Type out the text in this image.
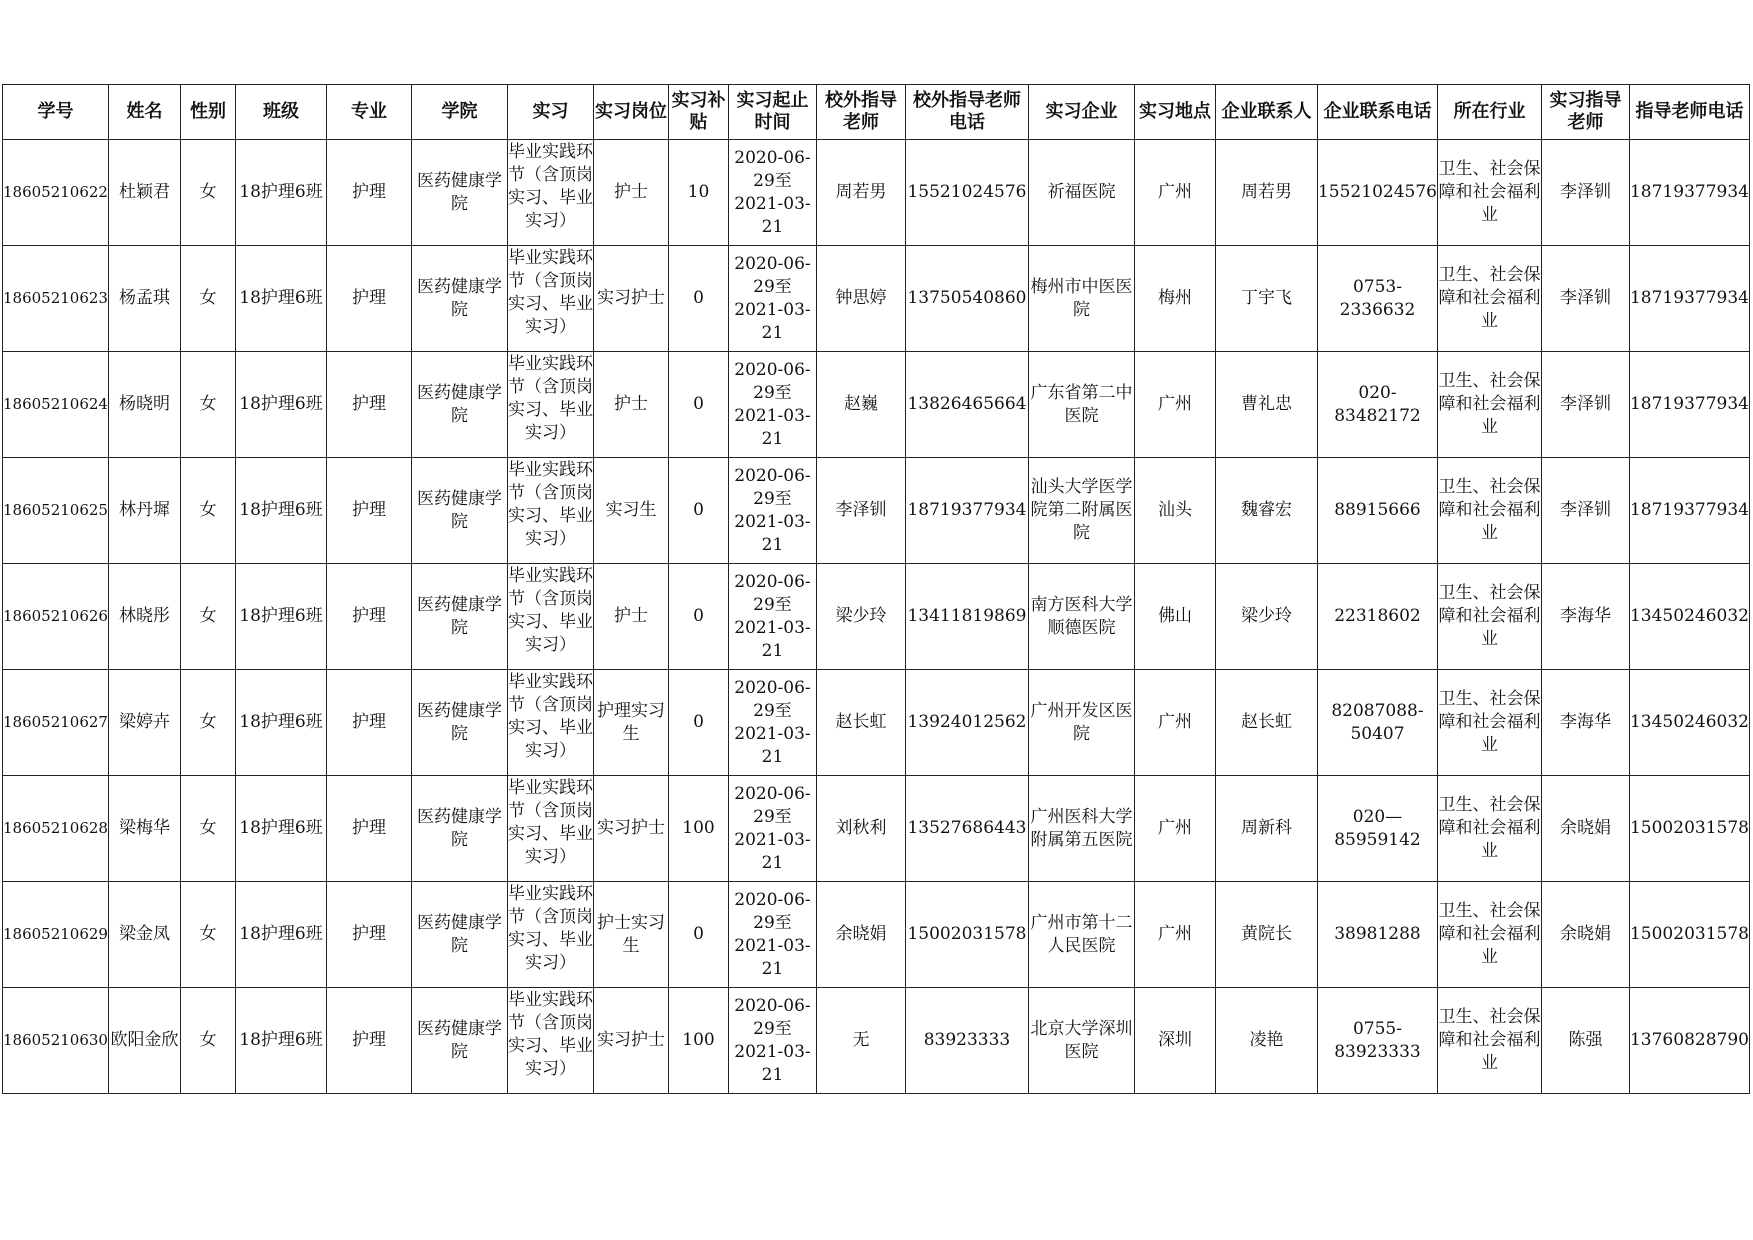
学号	姓名	性别	班级	专业	学院	实习	实习岗位	实习补贴	实习起止时间	校外指导老师	校外指导老师电话	实习企业	实习地点	企业联系人	企业联系电话	所在行业	实习指导老师	指导老师电话
18605210622	杜颖君	女	18护理6班	护理	医药健康学院	毕业实践环节（含顶岗实习、毕业实习）	护士	10	2020-06-29至2021-03-21	周若男	15521024576	祈福医院	广州	周若男	15521024576	卫生、社会保障和社会福利业	李泽钏	18719377934
18605210623	杨孟琪	女	18护理6班	护理	医药健康学院	毕业实践环节（含顶岗实习、毕业实习）	实习护士	0	2020-06-29至2021-03-21	钟思婷	13750540860	梅州市中医医院	梅州	丁宇飞	0753-2336632	卫生、社会保障和社会福利业	李泽钏	18719377934
18605210624	杨晓明	女	18护理6班	护理	医药健康学院	毕业实践环节（含顶岗实习、毕业实习）	护士	0	2020-06-29至2021-03-21	赵巍	13826465664	广东省第二中医院	广州	曹礼忠	020-83482172	卫生、社会保障和社会福利业	李泽钏	18719377934
18605210625	林丹墀	女	18护理6班	护理	医药健康学院	毕业实践环节（含顶岗实习、毕业实习）	实习生	0	2020-06-29至2021-03-21	李泽钏	18719377934	汕头大学医学院第二附属医院	汕头	魏睿宏	88915666	卫生、社会保障和社会福利业	李泽钏	18719377934
18605210626	林晓彤	女	18护理6班	护理	医药健康学院	毕业实践环节（含顶岗实习、毕业实习）	护士	0	2020-06-29至2021-03-21	梁少玲	13411819869	南方医科大学顺德医院	佛山	梁少玲	22318602	卫生、社会保障和社会福利业	李海华	13450246032
18605210627	梁婷卉	女	18护理6班	护理	医药健康学院	毕业实践环节（含顶岗实习、毕业实习）	护理实习生	0	2020-06-29至2021-03-21	赵长虹	13924012562	广州开发区医院	广州	赵长虹	82087088-50407	卫生、社会保障和社会福利业	李海华	13450246032
18605210628	梁梅华	女	18护理6班	护理	医药健康学院	毕业实践环节（含顶岗实习、毕业实习）	实习护士	100	2020-06-29至2021-03-21	刘秋利	13527686443	广州医科大学附属第五医院	广州	周新科	020—85959142	卫生、社会保障和社会福利业	余晓娟	15002031578
18605210629	梁金凤	女	18护理6班	护理	医药健康学院	毕业实践环节（含顶岗实习、毕业实习）	护士实习生	0	2020-06-29至2021-03-21	余晓娟	15002031578	广州市第十二人民医院	广州	黄院长	38981288	卫生、社会保障和社会福利业	余晓娟	15002031578
18605210630	欧阳金欣	女	18护理6班	护理	医药健康学院	毕业实践环节（含顶岗实习、毕业实习）	实习护士	100	2020-06-29至2021-03-21	无	83923333	北京大学深圳医院	深圳	凌艳	0755-83923333	卫生、社会保障和社会福利业	陈强	13760828790
